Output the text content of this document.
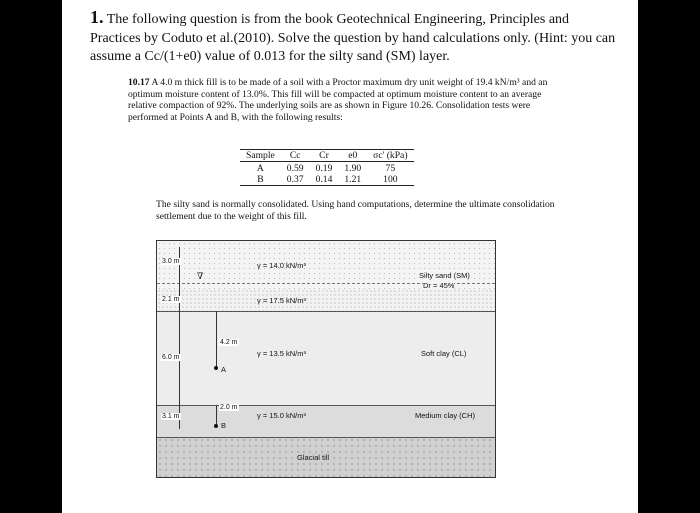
1. The following question is from the book Geotechnical Engineering, Principles and Practices by Coduto et al.(2010). Solve the question by hand calculations only. (Hint: you can assume a Cc/(1+e0) value of 0.013 for the silty sand (SM) layer.
10.17 A 4.0 m thick fill is to be made of a soil with a Proctor maximum dry unit weight of 19.4 kN/m³ and an optimum moisture content of 13.0%. This fill will be compacted at optimum moisture content to an average relative compaction of 92%. The underlying soils are as shown in Figure 10.26. Consolidation tests were performed at Points A and B, with the following results:
Sample	Cc	Cr	e0	σc' (kPa)
A	0.59	0.19	1.90	75
B	0.37	0.14	1.21	100
The silty sand is normally consolidated. Using hand computations, determine the ultimate consolidation settlement due to the weight of this fill.
3.0 m
2.1 m
6.0 m
3.1 m
∇
4.2 m
A
2.0 m
B
γ = 14.0 kN/m³
γ = 17.5 kN/m³
γ = 13.5 kN/m³
γ = 15.0 kN/m³
Silty sand (SM)
Dr = 45%
Soft clay (CL)
Medium clay (CH)
Glacial till
